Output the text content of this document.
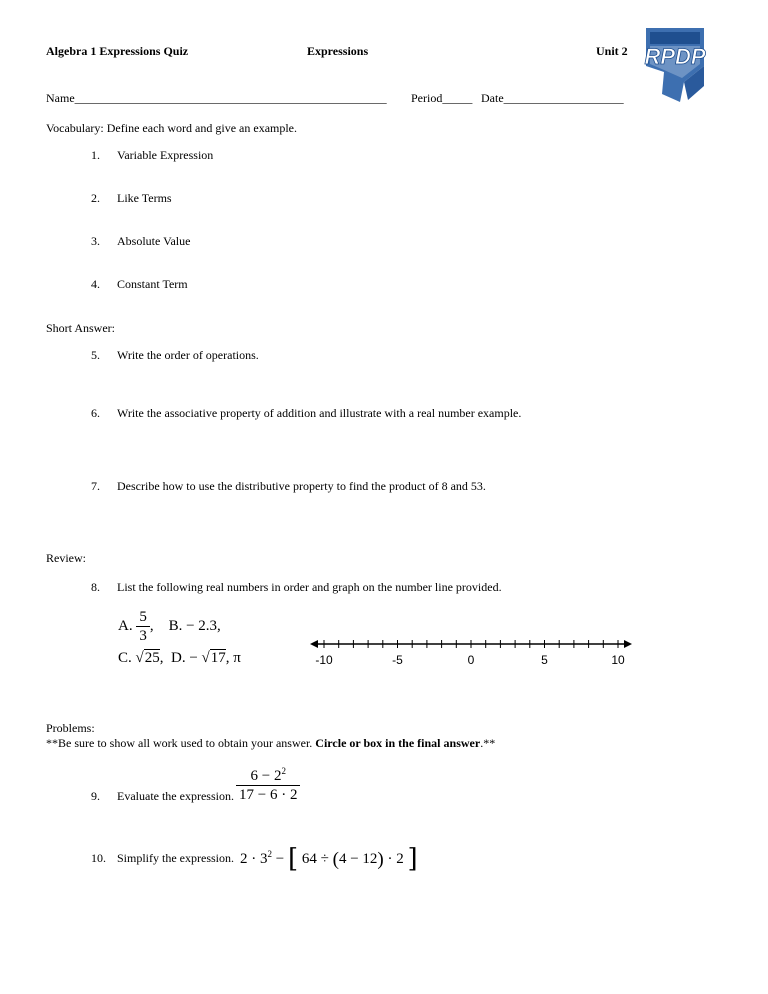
Algebra 1 Expressions Quiz	Expressions	Unit 2 RPDP
Name____________________________________________________ Period_____ Date____________________
Vocabulary: Define each word and give an example.
1. Variable Expression
2. Like Terms
3. Absolute Value
4. Constant Term
Short Answer:
5. Write the order of operations.
6. Write the associative property of addition and illustrate with a real number example.
7. Describe how to use the distributive property to find the product of 8 and 53.
Review:
8. List the following real numbers in order and graph on the number line provided.
A. $\frac{5}{3}$ , B. − 2.3,
C. √25, D. − √17, π	-10	-5	0	5	10
Problems:
**Be sure to show all work used to obtain your answer. Circle or box in the final answer.**
9. Evaluate the expression. $\frac{6 - 2^2}{17 - 6 \cdot 2}$
10. Simplify the expression. $2 \cdot 3^2$ − [ 64 ÷ (4 − 12) · 2 ]
